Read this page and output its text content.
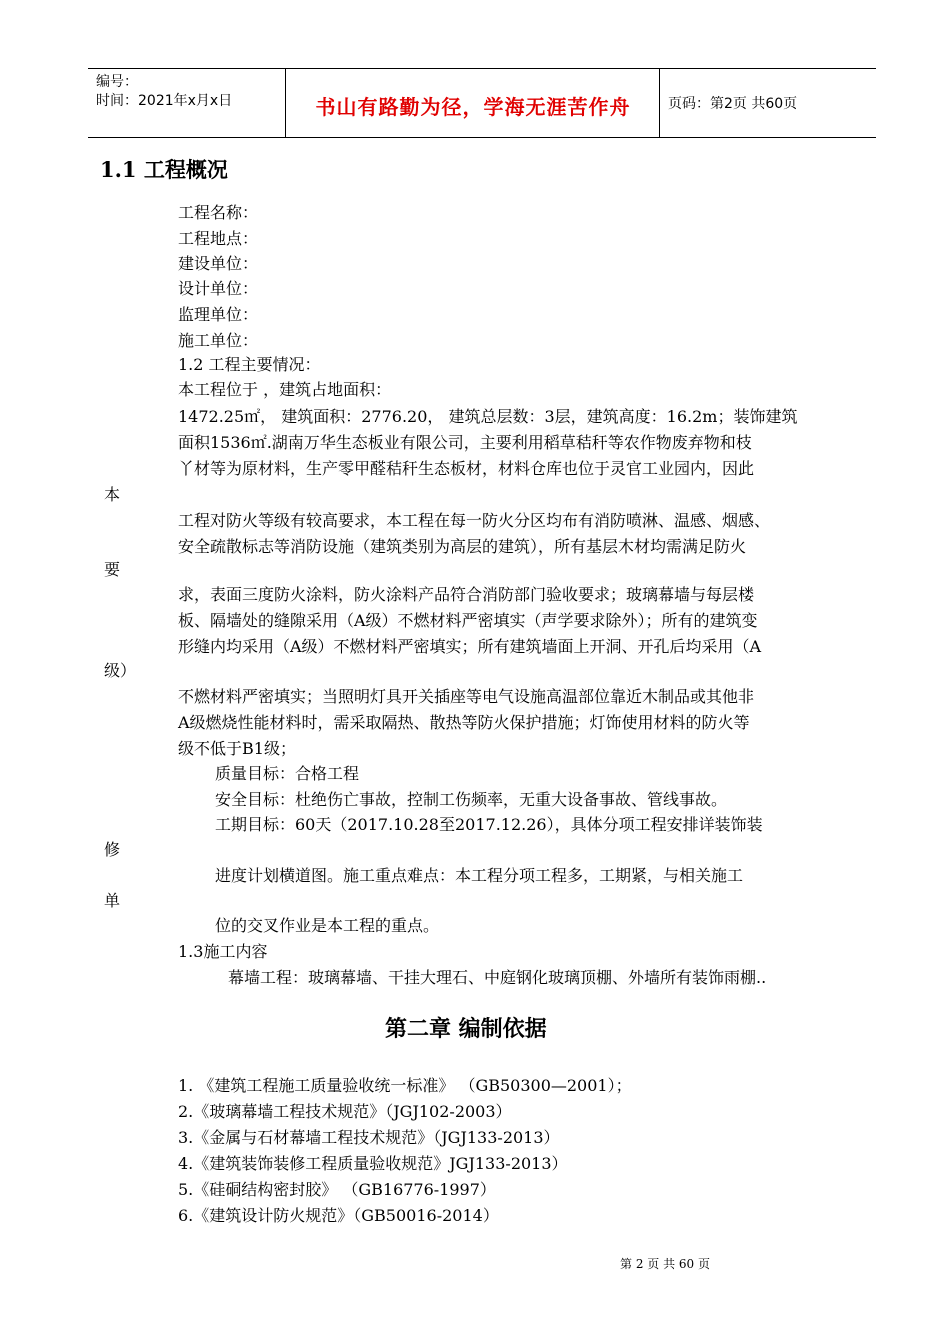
编号：
时间：2021年x月x日	书山有路勤为径，学海无涯苦作舟	页码：第2页 共60页
1.1 工程概况
工程名称：
工程地点：
建设单位：
设计单位：
监理单位：
施工单位：
1.2 工程主要情况：
本工程位于 ，建筑占地面积：
1472.25㎡， 建筑面积：2776.20， 建筑总层数：3层，建筑高度：16.2m；装饰建筑
面积1536㎡.湖南万华生态板业有限公司，主要利用稻草秸秆等农作物废弃物和枝
丫材等为原材料，生产零甲醛秸秆生态板材，材料仓库也位于灵官工业园内，因此
本
工程对防火等级有较高要求，本工程在每一防火分区均布有消防喷淋、温感、烟感、
安全疏散标志等消防设施（建筑类别为高层的建筑），所有基层木材均需满足防火
要
求，表面三度防火涂料，防火涂料产品符合消防部门验收要求；玻璃幕墙与每层楼
板、隔墙处的缝隙采用（A级）不燃材料严密填实（声学要求除外）；所有的建筑变
形缝内均采用（A级）不燃材料严密填实；所有建筑墙面上开洞、开孔后均采用（A
级）
不燃材料严密填实；当照明灯具开关插座等电气设施高温部位靠近木制品或其他非
A级燃烧性能材料时，需采取隔热、散热等防火保护措施；灯饰使用材料的防火等
级不低于B1级；
质量目标：合格工程
安全目标：杜绝伤亡事故，控制工伤频率，无重大设备事故、管线事故。
工期目标：60天（2017.10.28至2017.12.26），具体分项工程安排详装饰装
修
进度计划横道图。施工重点难点：本工程分项工程多，工期紧，与相关施工
单
位的交叉作业是本工程的重点。
1.3施工内容
幕墙工程：玻璃幕墙、干挂大理石、中庭钢化玻璃顶棚、外墙所有装饰雨棚..
第二章 编制依据
1. 《建筑工程施工质量验收统一标准》 （GB50300—2001）；
2.《玻璃幕墙工程技术规范》（JGJ102-2003）
3.《金属与石材幕墙工程技术规范》（JGJ133-2013）
4.《建筑装饰装修工程质量验收规范》JGJ133-2013）
5.《硅硐结构密封胶》 （GB16776-1997）
6.《建筑设计防火规范》（GB50016-2014）
第 2 页 共 60 页
